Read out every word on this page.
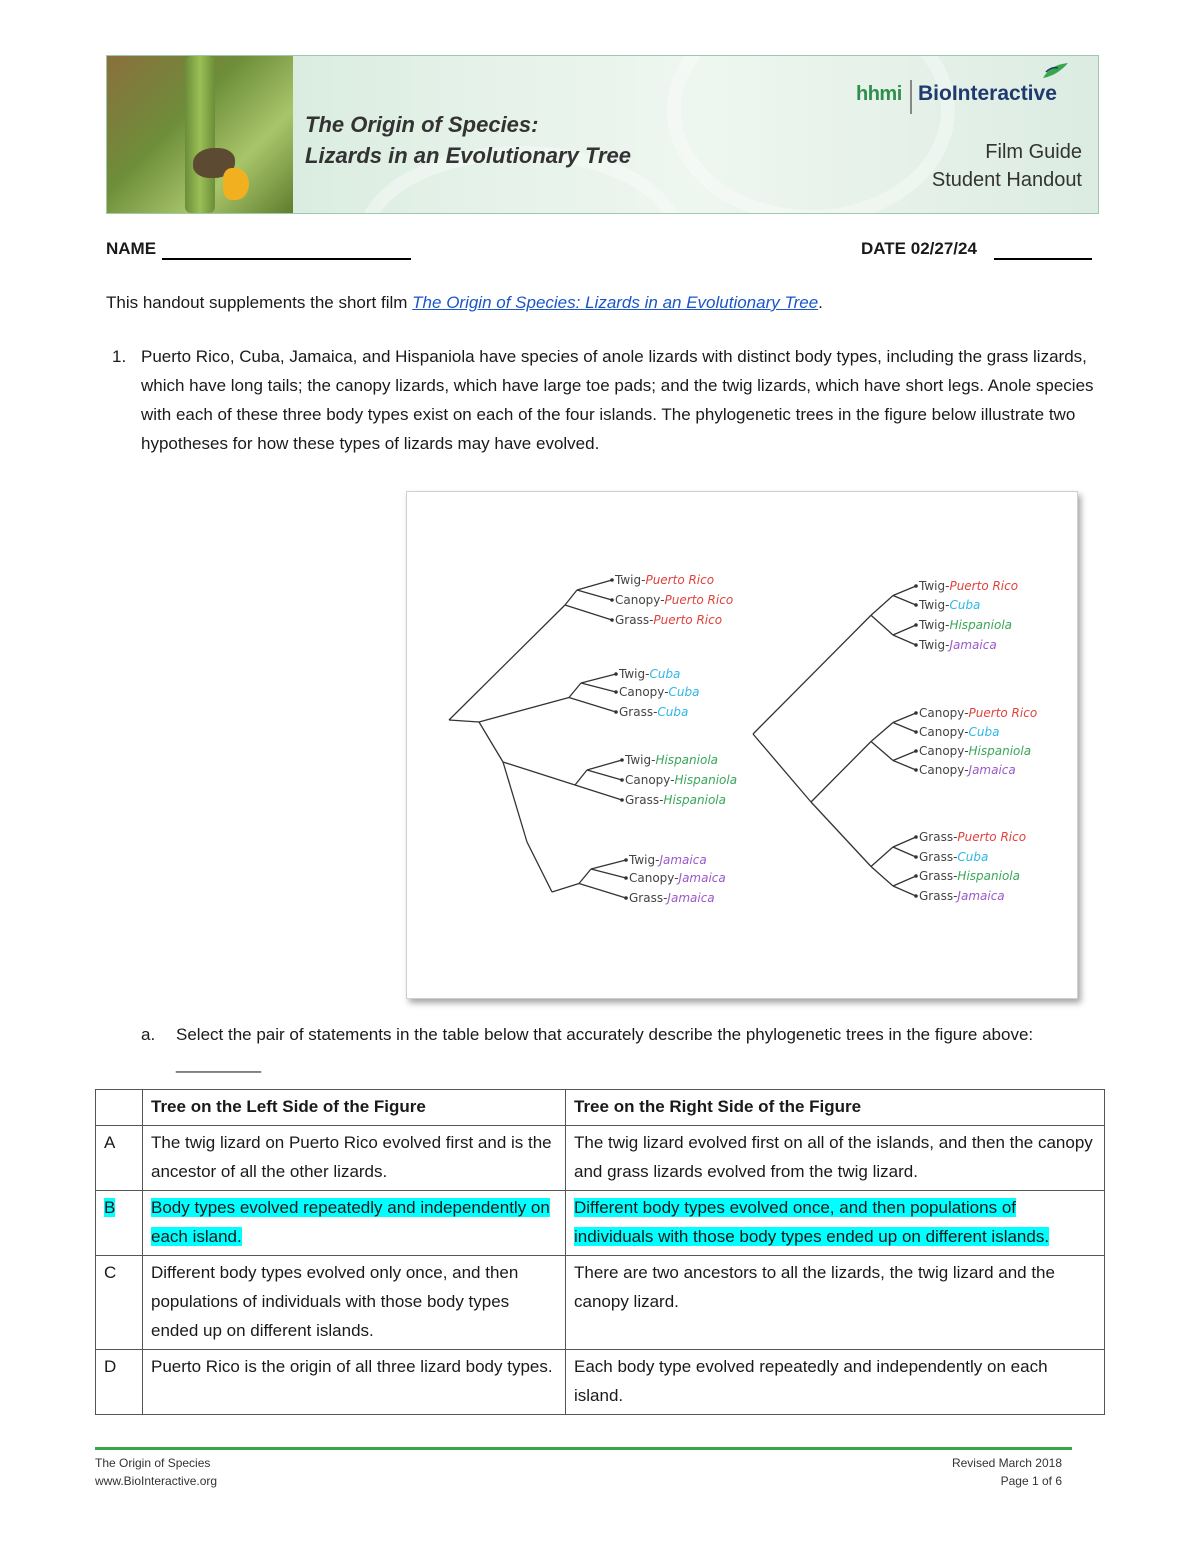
The Origin of Species:
Lizards in an Evolutionary Tree
hhmi BioInteractive
Film Guide
Student Handout
NAME	DATE 02/27/24
This handout supplements the short film The Origin of Species: Lizards in an Evolutionary Tree.
1. Puerto Rico, Cuba, Jamaica, and Hispaniola have species of anole lizards with distinct body types, including the grass lizards, which have long tails; the canopy lizards, which have large toe pads; and the twig lizards, which have short legs. Anole species with each of these three body types exist on each of the four islands. The phylogenetic trees in the figure below illustrate two hypotheses for how these types of lizards may have evolved.
Twig-Puerto Rico
Canopy-Puerto Rico
Grass-Puerto Rico
Twig-Cuba
Canopy-Cuba
Grass-Cuba
Twig-Hispaniola
Canopy-Hispaniola
Grass-Hispaniola
Twig-Jamaica
Canopy-Jamaica
Grass-Jamaica
Twig-Puerto Rico
Twig-Cuba
Twig-Hispaniola
Twig-Jamaica
Canopy-Puerto Rico
Canopy-Cuba
Canopy-Hispaniola
Canopy-Jamaica
Grass-Puerto Rico
Grass-Cuba
Grass-Hispaniola
Grass-Jamaica
a. Select the pair of statements in the table below that accurately describe the phylogenetic trees in the figure above: _________
	Tree on the Left Side of the Figure	Tree on the Right Side of the Figure
A	The twig lizard on Puerto Rico evolved first and is the ancestor of all the other lizards.	The twig lizard evolved first on all of the islands, and then the canopy and grass lizards evolved from the twig lizard.
B	Body types evolved repeatedly and independently on each island.	Different body types evolved once, and then populations of individuals with those body types ended up on different islands.
C	Different body types evolved only once, and then populations of individuals with those body types ended up on different islands.	There are two ancestors to all the lizards, the twig lizard and the canopy lizard.
D	Puerto Rico is the origin of all three lizard body types.	Each body type evolved repeatedly and independently on each island.
The Origin of Species
www.BioInteractive.org
Revised March 2018
Page 1 of 6
